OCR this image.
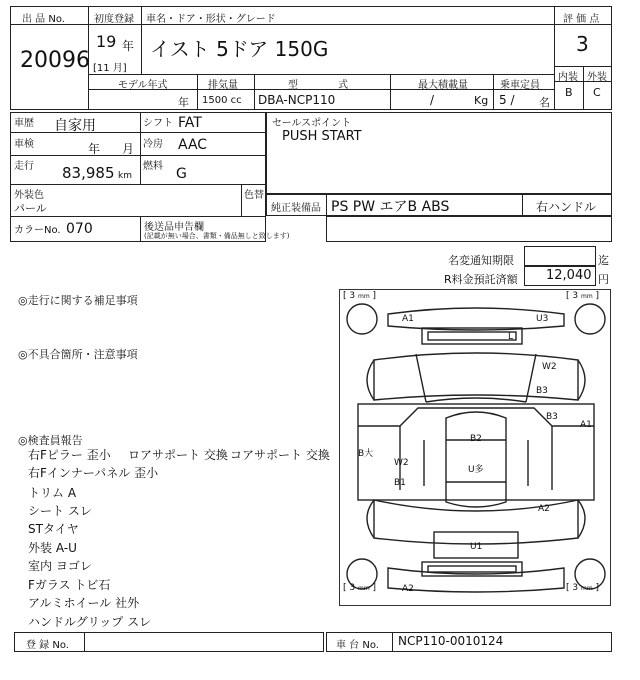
出 品 No.
20096
初度登録
19 年
[11 月]
車名・ドア・形状・グレード
イスト 5ドア 150G
モデル年式
年
排気量
1500 cc
型　　　　式
DBA-NCP110
最大積載量
/	Kg
乗車定員
5 / 名
評 価 点
3
内装 外装
B C
車歴 自家用	シフト FAT
車検	年 月 冷房 AAC
走行 83,985 km
燃料 G
外装色
パール
色替
カラーNo. 070	後送品申告欄
(記載が無い場合、書類・備品無しと致します)
セールスポイント
PUSH START
純正装備品 PS PW エアB ABS	右ハンドル
名変通知期限	迄
R料金預託済額 12,040 円
◎走行に関する補足事項
◎不具合箇所・注意事項
◎検査員報告
右Fピラー 歪小 ロアサポート 交換 コアサポート 交換
右Fインナーパネル 歪小
トリム A
シート スレ
STタイヤ
外装 A-U
室内 ヨゴレ
Fガラス トビ石
アルミホイール 社外
ハンドルグリップ スレ
[ 3 mm ]	[ 3 mm ]
[ 3 mm ]	[ 3 mm ]
A1	U3
L
W2
B3
B3
A1
B2
U多
B大
W2
B1
A2
U1
A2
登 録 No.	車 台 No. NCP110-0010124
